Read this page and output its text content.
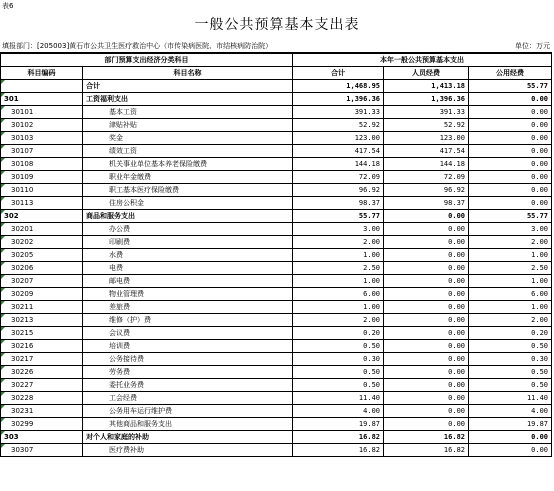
表6
一般公共预算基本支出表
填报部门：[205003]黄石市公共卫生医疗救治中心（市传染病医院、市结核病防治院）	单位：万元
部门预算支出经济分类科目		本年一般公共预算基本支出		
科目编码	科目名称	合计	人员经费	公用经费
	合计	1,468.95	1,413.18	55.77
301	工资福利支出	1,396.36	1,396.36	0.00
30101	基本工资	391.33	391.33	0.00
30102	津贴补贴	52.92	52.92	0.00
30103	奖金	123.00	123.00	0.00
30107	绩效工资	417.54	417.54	0.00
30108	机关事业单位基本养老保险缴费	144.18	144.18	0.00
30109	职业年金缴费	72.09	72.09	0.00
30110	职工基本医疗保险缴费	96.92	96.92	0.00
30113	住房公积金	98.37	98.37	0.00
302	商品和服务支出	55.77	0.00	55.77
30201	办公费	3.00	0.00	3.00
30202	印刷费	2.00	0.00	2.00
30205	水费	1.00	0.00	1.00
30206	电费	2.50	0.00	2.50
30207	邮电费	1.00	0.00	1.00
30209	物业管理费	6.00	0.00	6.00
30211	差旅费	1.00	0.00	1.00
30213	维修（护）费	2.00	0.00	2.00
30215	会议费	0.20	0.00	0.20
30216	培训费	0.50	0.00	0.50
30217	公务接待费	0.30	0.00	0.30
30226	劳务费	0.50	0.00	0.50
30227	委托业务费	0.50	0.00	0.50
30228	工会经费	11.40	0.00	11.40
30231	公务用车运行维护费	4.00	0.00	4.00
30299	其他商品和服务支出	19.87	0.00	19.87
303	对个人和家庭的补助	16.82	16.82	0.00
30307	医疗费补助	16.82	16.82	0.00
